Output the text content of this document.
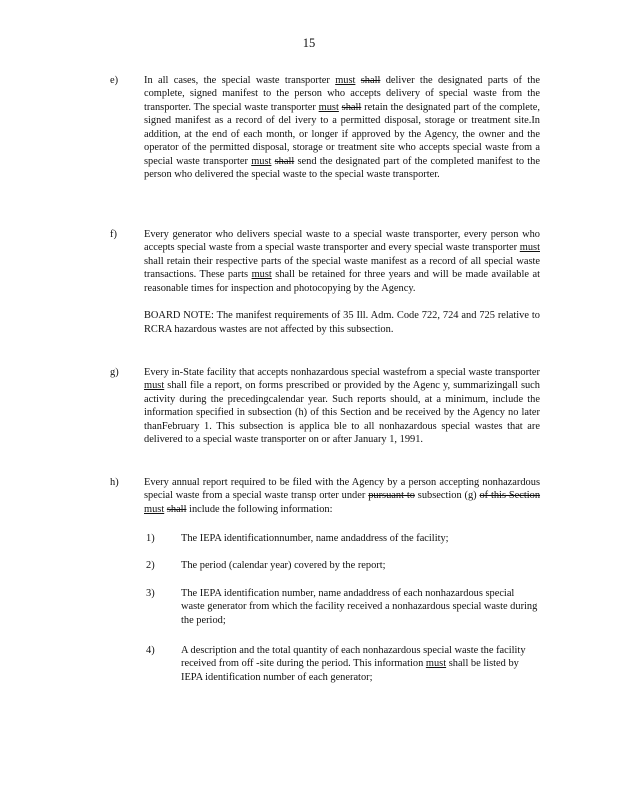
15
e)	In all cases, the special waste transporter must shall deliver the designated parts of the complete, signed manifest to the person who accepts delivery of special waste from the transporter. The special waste transporter must shall retain the designated part of the complete, signed manifest as a record of del ivery to a permitted disposal, storage or treatment site.In addition, at the end of each month, or longer if approved by the Agency, the owner and the operator of the permitted disposal, storage or treatment site who accepts special waste from a special waste transporter must shall send the designated part of the completed manifest to the person who delivered the special waste to the special waste transporter.

f)	Every generator who delivers special waste to a special waste transporter, every person who accepts special waste from a special waste transporter and every special waste transporter must shall retain their respective parts of the special waste manifest as a record of all special waste transactions. These parts must shall be retained for three years and will be made available at reasonable times for inspection and photocopying by the Agency.

BOARD NOTE: The manifest requirements of 35 Ill. Adm. Code 722, 724 and 725 relative to RCRA hazardous wastes are not affected by this subsection.

g)	Every in-State facility that accepts nonhazardous special wastefrom a special waste transporter must shall file a report, on forms prescribed or provided by the Agenc y, summarizingall such activity during the precedingcalendar year. Such reports should, at a minimum, include the information specified in subsection (h) of this Section and be received by the Agency no later thanFebruary 1. This subsection is applica ble to all nonhazardous special wastes that are delivered to a special waste transporter on or after January 1, 1991.

h)	Every annual report required to be filed with the Agency by a person accepting nonhazardous special waste from a special waste transp orter under pursuant to subsection (g) of this Section must shall include the following information:

1)	The IEPA identificationnumber, name andaddress of the facility;
2)	The period (calendar year) covered by the report;
3)	The IEPA identification number, name andaddress of each nonhazardous special waste generator from which the facility received a nonhazardous special waste during the period;
4)	A description and the total quantity of each nonhazardous special waste the facility received from off -site during the period. This information must shall be listed by IEPA identification number of each generator;
